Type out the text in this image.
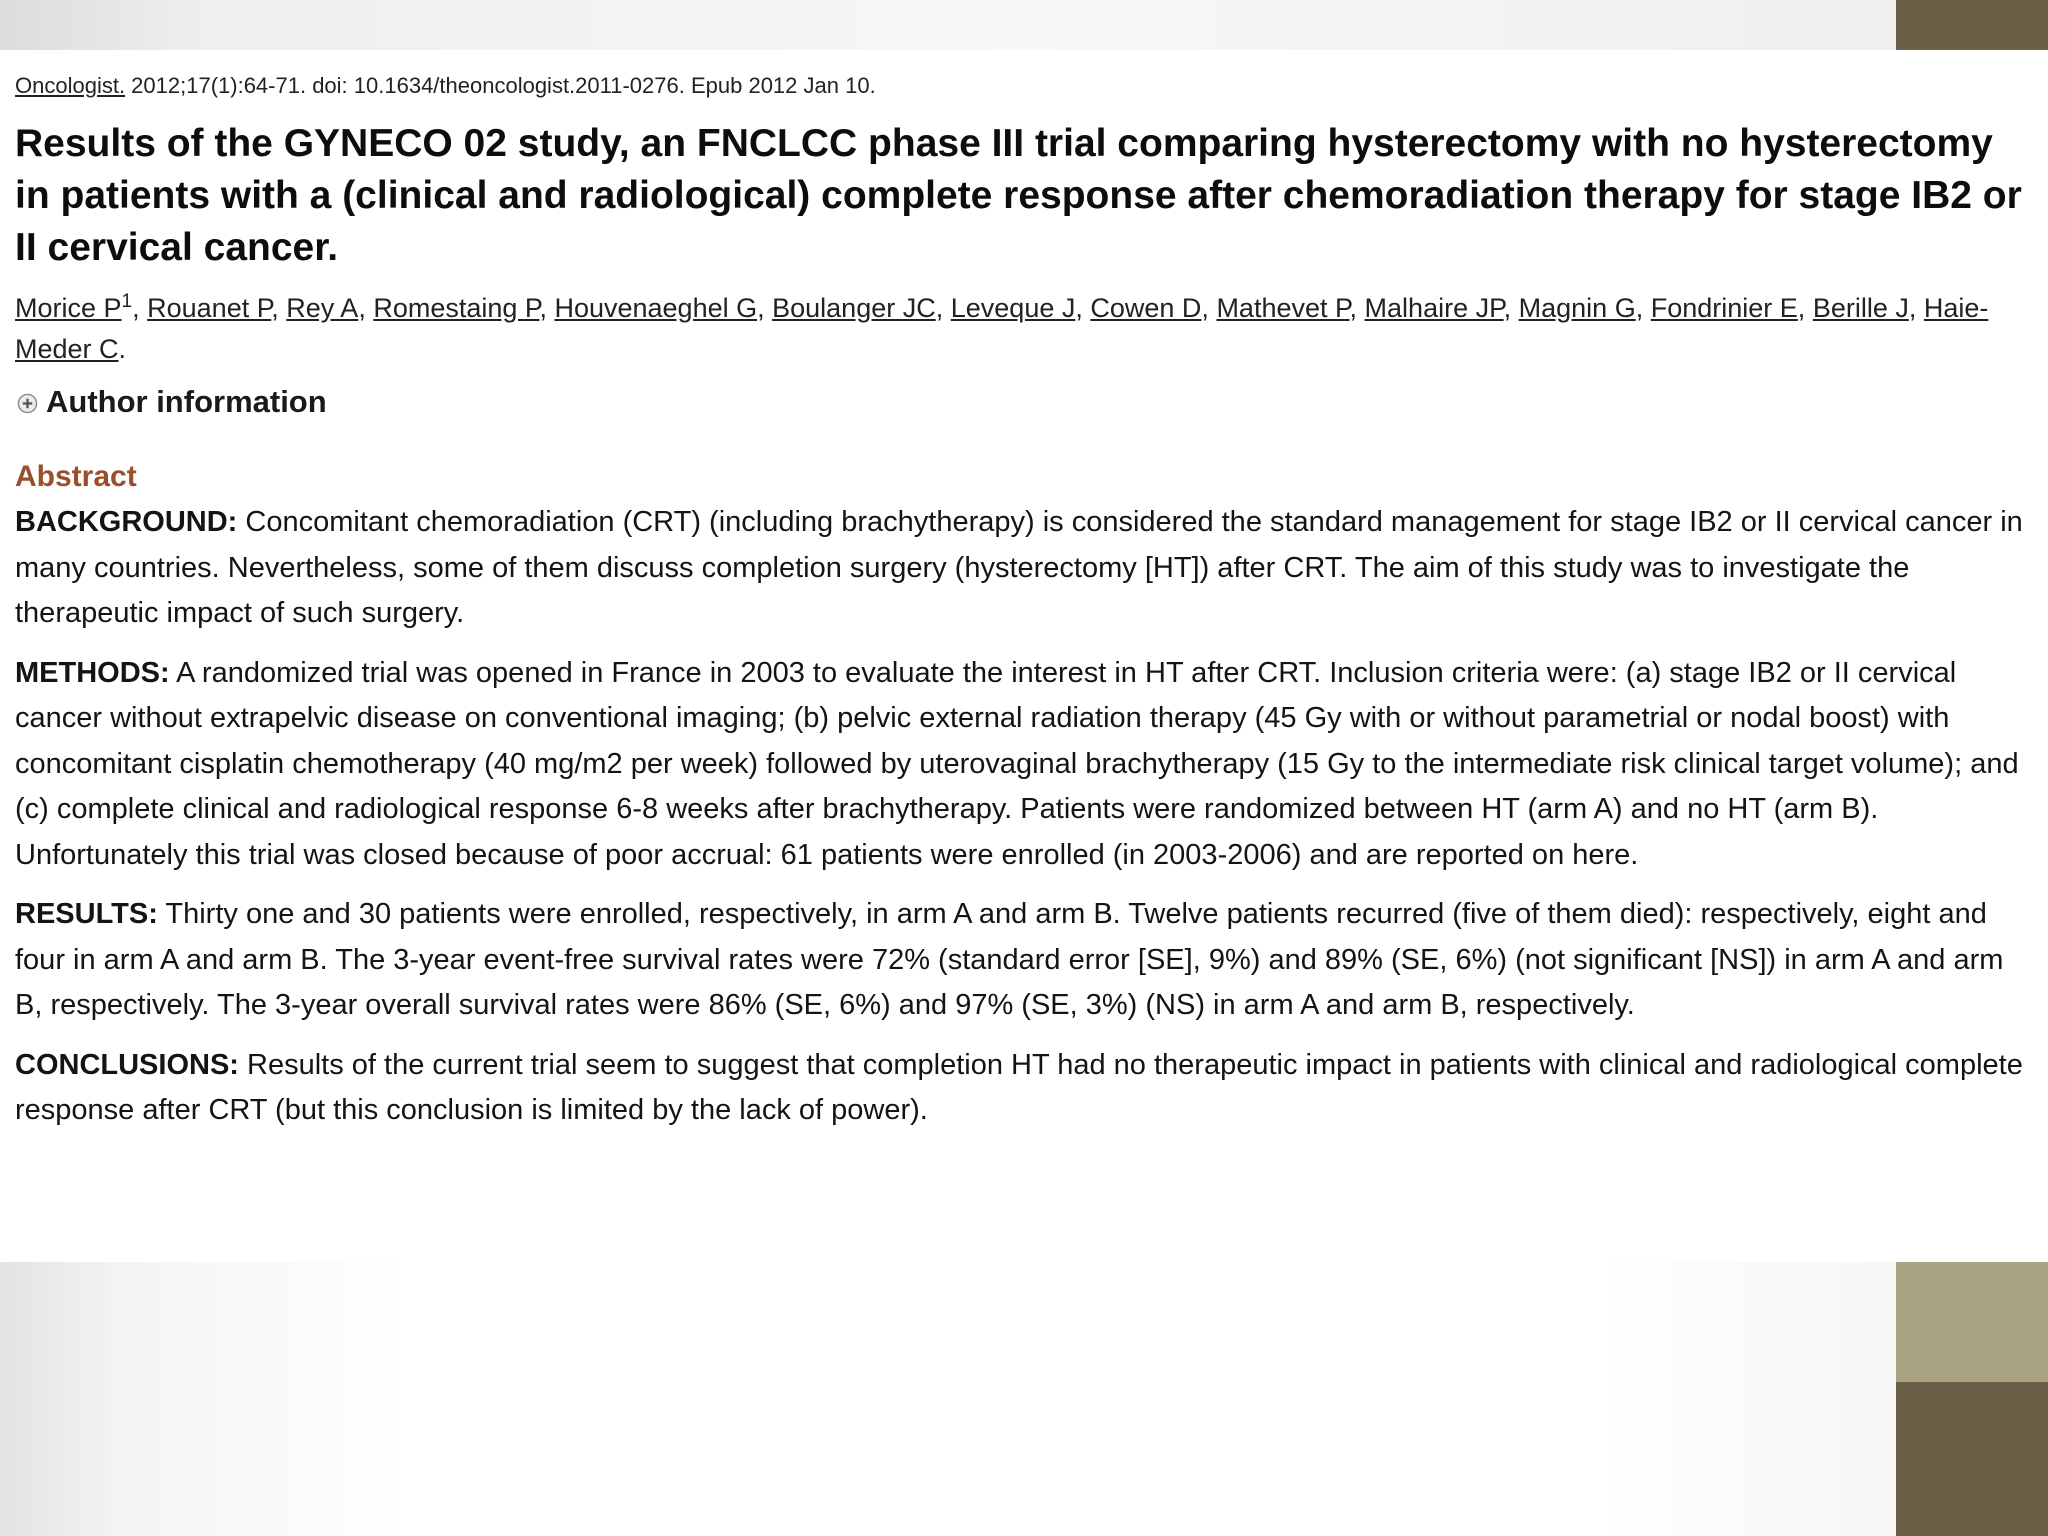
Oncologist. 2012;17(1):64-71. doi: 10.1634/theoncologist.2011-0276. Epub 2012 Jan 10.
Results of the GYNECO 02 study, an FNCLCC phase III trial comparing hysterectomy with no hysterectomy in patients with a (clinical and radiological) complete response after chemoradiation therapy for stage IB2 or II cervical cancer.
Morice $P^1$, Rouanet P, Rey A, Romestaing P, Houvenaeghel G, Boulanger JC, Leveque J, Cowen D, Mathevet P, Malhaire JP, Magnin G, Fondrinier E, Berille J, Haie-Meder C.
Author information
Abstract

BACKGROUND: Concomitant chemoradiation (CRT) (including brachytherapy) is considered the standard management for stage IB2 or II cervical cancer in many countries. Nevertheless, some of them discuss completion surgery (hysterectomy [HT]) after CRT. The aim of this study was to investigate the therapeutic impact of such surgery.

METHODS: A randomized trial was opened in France in 2003 to evaluate the interest in HT after CRT. Inclusion criteria were: (a) stage IB2 or II cervical cancer without extrapelvic disease on conventional imaging; (b) pelvic external radiation therapy (45 Gy with or without parametrial or nodal boost) with concomitant cisplatin chemotherapy (40 mg/m2 per week) followed by uterovaginal brachytherapy (15 Gy to the intermediate risk clinical target volume); and (c) complete clinical and radiological response 6-8 weeks after brachytherapy. Patients were randomized between HT (arm A) and no HT (arm B). Unfortunately this trial was closed because of poor accrual: 61 patients were enrolled (in 2003-2006) and are reported on here.

RESULTS: Thirty one and 30 patients were enrolled, respectively, in arm A and arm B. Twelve patients recurred (five of them died): respectively, eight and four in arm A and arm B. The 3-year event-free survival rates were 72% (standard error [SE], 9%) and 89% (SE, 6%) (not significant [NS]) in arm A and arm B, respectively. The 3-year overall survival rates were 86% (SE, 6%) and 97% (SE, 3%) (NS) in arm A and arm B, respectively.

CONCLUSIONS: Results of the current trial seem to suggest that completion HT had no therapeutic impact in patients with clinical and radiological complete response after CRT (but this conclusion is limited by the lack of power).
